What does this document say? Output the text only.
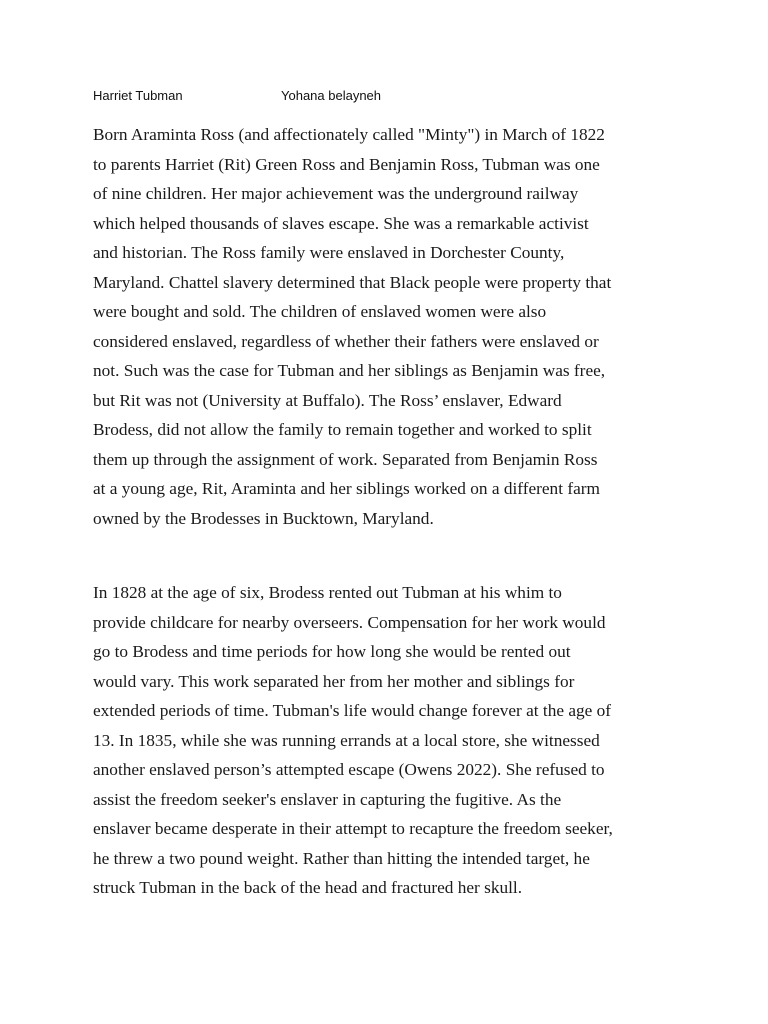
Harriet Tubman	Yohana belayneh

Born Araminta Ross (and affectionately called "Minty") in March of 1822
to parents Harriet (Rit) Green Ross and Benjamin Ross, Tubman was one
of nine children. Her major achievement was the underground railway
which helped thousands of slaves escape. She was a remarkable activist
and historian. The Ross family were enslaved in Dorchester County,
Maryland. Chattel slavery determined that Black people were property that
were bought and sold. The children of enslaved women were also
considered enslaved, regardless of whether their fathers were enslaved or
not. Such was the case for Tubman and her siblings as Benjamin was free,
but Rit was not (University at Buffalo). The Ross’ enslaver, Edward
Brodess, did not allow the family to remain together and worked to split
them up through the assignment of work. Separated from Benjamin Ross
at a young age, Rit, Araminta and her siblings worked on a different farm
owned by the Brodesses in Bucktown, Maryland.

In 1828 at the age of six, Brodess rented out Tubman at his whim to
provide childcare for nearby overseers. Compensation for her work would
go to Brodess and time periods for how long she would be rented out
would vary. This work separated her from her mother and siblings for
extended periods of time. Tubman's life would change forever at the age of
13. In 1835, while she was running errands at a local store, she witnessed
another enslaved person’s attempted escape (Owens 2022). She refused to
assist the freedom seeker's enslaver in capturing the fugitive. As the
enslaver became desperate in their attempt to recapture the freedom seeker,
he threw a two pound weight. Rather than hitting the intended target, he
struck Tubman in the back of the head and fractured her skull.
